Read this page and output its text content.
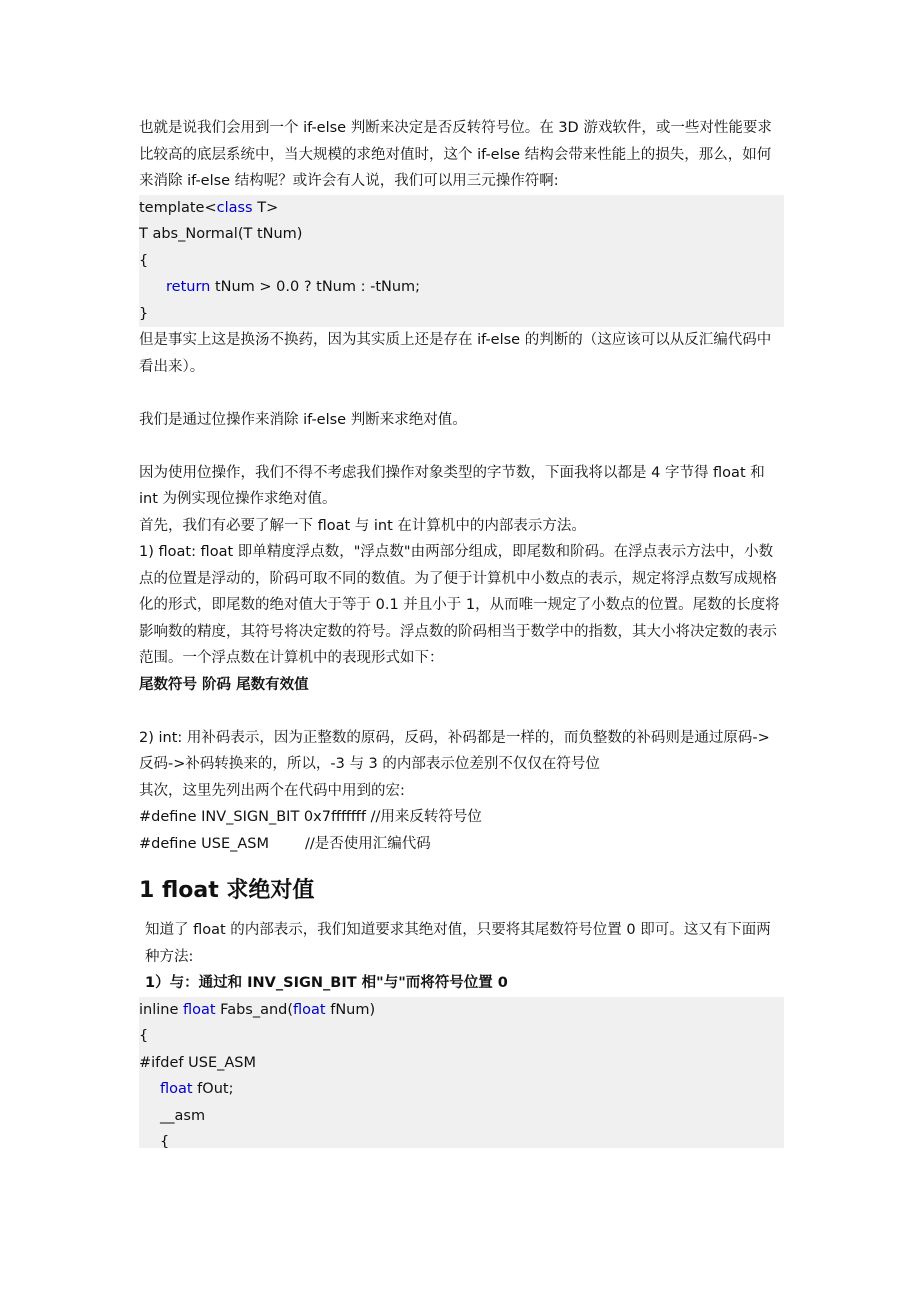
也就是说我们会用到一个 if-else 判断来决定是否反转符号位。在 3D 游戏软件，或一些对性能要求比较高的底层系统中，当大规模的求绝对值时，这个 if-else 结构会带来性能上的损失，那么，如何来消除 if-else 结构呢？或许会有人说，我们可以用三元操作符啊:

template<class T>
T abs_Normal(T tNum)
{
return tNum > 0.0 ? tNum : -tNum;
}

但是事实上这是换汤不换药，因为其实质上还是存在 if-else 的判断的（这应该可以从反汇编代码中看出来）。

我们是通过位操作来消除 if-else 判断来求绝对值。

因为使用位操作，我们不得不考虑我们操作对象类型的字节数，下面我将以都是 4 字节得 float 和 int 为例实现位操作求绝对值。

首先，我们有必要了解一下 float 与 int 在计算机中的内部表示方法。

1) float: float 即单精度浮点数，"浮点数"由两部分组成，即尾数和阶码。在浮点表示方法中，小数点的位置是浮动的，阶码可取不同的数值。为了便于计算机中小数点的表示，规定将浮点数写成规格化的形式，即尾数的绝对值大于等于 0.1 并且小于 1，从而唯一规定了小数点的位置。尾数的长度将影响数的精度，其符号将决定数的符号。浮点数的阶码相当于数学中的指数，其大小将决定数的表示范围。一个浮点数在计算机中的表现形式如下：

尾数符号 阶码 尾数有效值

2) int: 用补码表示，因为正整数的原码，反码，补码都是一样的，而负整数的补码则是通过原码->反码->补码转换来的，所以，-3 与 3 的内部表示位差别不仅仅在符号位

其次，这里先列出两个在代码中用到的宏:

#define INV_SIGN_BIT 0x7fffffff //用来反转符号位

#define USE_ASM //是否使用汇编代码

1 float 求绝对值

知道了 float 的内部表示，我们知道要求其绝对值，只要将其尾数符号位置 0 即可。这又有下面两种方法:

1）与：通过和 INV_SIGN_BIT 相"与"而将符号位置 0

inline float Fabs_and(float fNum)
{
#ifdef USE_ASM
float fOut;
__asm
{
